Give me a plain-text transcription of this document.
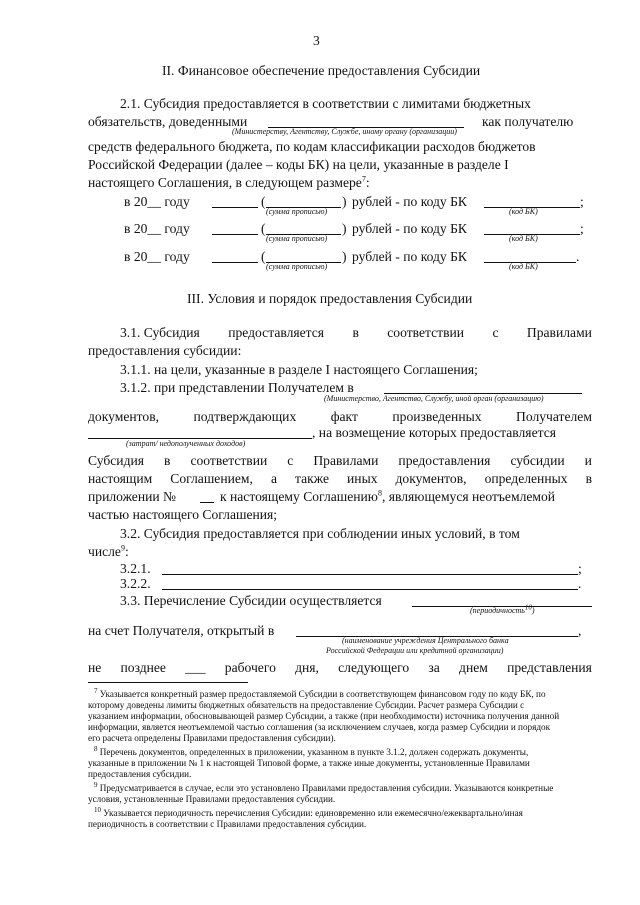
3
II. Финансовое обеспечение предоставления Субсидии
2.1. Субсидия предоставляется в соответствии с лимитами бюджетных
обязательств, доведенными	как получателю
(Министерству, Агентству, Службе, иному органу (организации)
средств федерального бюджета, по кодам классификации расходов бюджетов
Российской Федерации (далее – коды БК) на цели, указанные в разделе I
настоящего Соглашения, в следующем размере$^7$:
в 20__ году	(	) рублей - по коду БК	;
(сумма прописью)	(код БК)
в 20__ году	(	) рублей - по коду БК	;
(сумма прописью)	(код БК)
в 20__ году	(	) рублей - по коду БК	.
(сумма прописью)	(код БК)
III. Условия и порядок предоставления Субсидии
3.1. Субсидия предоставляется в соответствии с Правилами
предоставления субсидии:
3.1.1. на цели, указанные в разделе I настоящего Соглашения;
3.1.2. при представлении Получателем в
(Министерство, Агентство, Службу, иной орган (организацию)
документов,	подтверждающих	факт	произведенных	Получателем
, на возмещение которых предоставляется
(затрат/ недополученных доходов)
Субсидия в соответствии с Правилами предоставления субсидии и
настоящим Соглашением, а также иных документов, определенных в
приложении №	к настоящему Соглашению$^8$, являющемуся неотъемлемой
частью настоящего Соглашения;
3.2. Субсидия предоставляется при соблюдении иных условий, в том
числе$^9$:
3.2.1.	;
3.2.2.	.
3.3. Перечисление Субсидии осуществляется
(периодичность$^{10}$)
на счет Получателя, открытый в	,
(наименование учреждения Центрального банка
Российской Федерации или кредитной организации)
не позднее ___ рабочего дня, следующего за днем представления
$^7$ Указывается конкретный размер предоставляемой Субсидии в соответствующем финансовом году по коду БК, по
которому доведены лимиты бюджетных обязательств на предоставление Субсидии. Расчет размера Субсидии с
указанием информации, обосновывающей размер Субсидии, а также (при необходимости) источника получения данной
информации, является неотъемлемой частью соглашения (за исключением случаев, когда размер Субсидии и порядок
его расчета определены Правилами предоставления субсидии).
$^8$ Перечень документов, определенных в приложении, указанном в пункте 3.1.2, должен содержать документы,
указанные в приложении № 1 к настоящей Типовой форме, а также иные документы, установленные Правилами
предоставления субсидии.
$^9$ Предусматривается в случае, если это установлено Правилами предоставления субсидии. Указываются конкретные
условия, установленные Правилами предоставления субсидии.
$^{10}$ Указывается периодичность перечисления Субсидии: единовременно или ежемесячно/ежеквартально/иная
периодичность в соответствии с Правилами предоставления субсидии.
